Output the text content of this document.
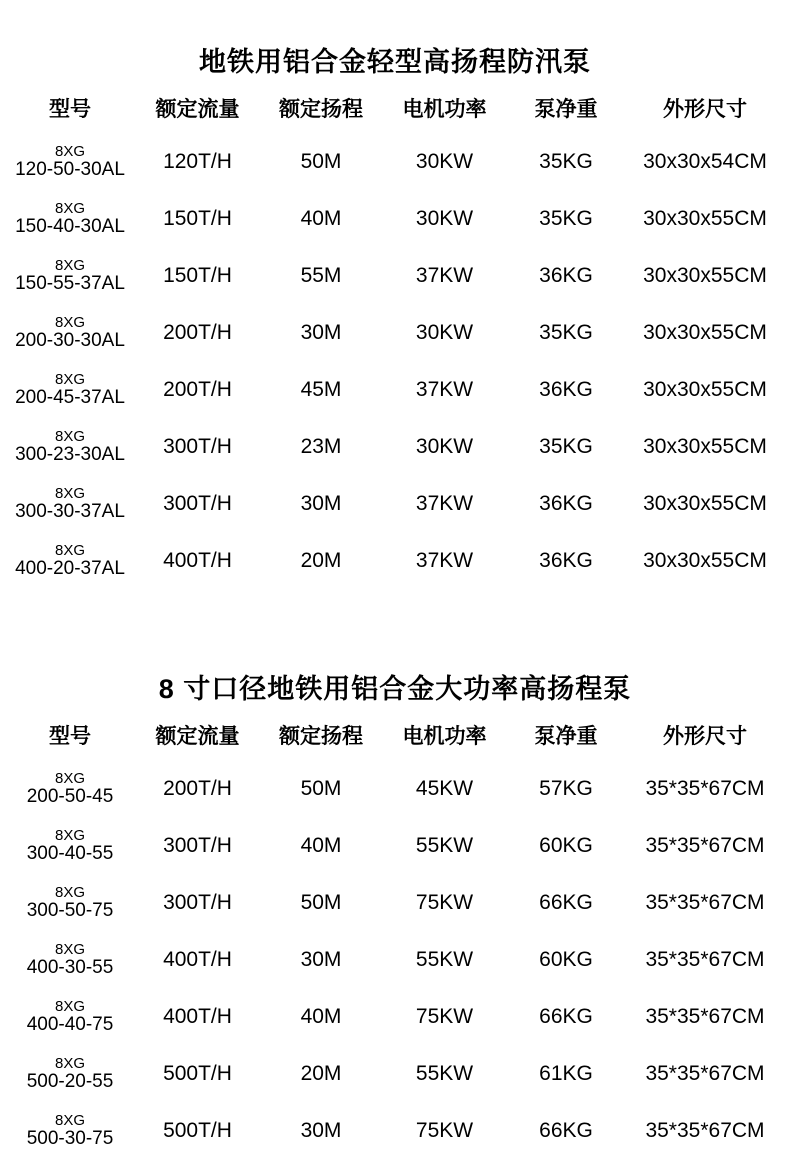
地铁用铝合金轻型高扬程防汛泵
型号	额定流量	额定扬程	电机功率	泵净重	外形尺寸

8XG
120-50-30AL	120T/H	50M	30KW	35KG	30x30x54CM

8XG
150-40-30AL	150T/H	40M	30KW	35KG	30x30x55CM

8XG
150-55-37AL	150T/H	55M	37KW	36KG	30x30x55CM

8XG
200-30-30AL	200T/H	30M	30KW	35KG	30x30x55CM

8XG
200-45-37AL	200T/H	45M	37KW	36KG	30x30x55CM

8XG
300-23-30AL	300T/H	23M	30KW	35KG	30x30x55CM

8XG
300-30-37AL	300T/H	30M	37KW	36KG	30x30x55CM

8XG
400-20-37AL	400T/H	20M	37KW	36KG	30x30x55CM
8 寸口径地铁用铝合金大功率高扬程泵
型号	额定流量	额定扬程	电机功率	泵净重	外形尺寸

8XG
200-50-45	200T/H	50M	45KW	57KG	35*35*67CM

8XG
300-40-55	300T/H	40M	55KW	60KG	35*35*67CM

8XG
300-50-75	300T/H	50M	75KW	66KG	35*35*67CM

8XG
400-30-55	400T/H	30M	55KW	60KG	35*35*67CM

8XG
400-40-75	400T/H	40M	75KW	66KG	35*35*67CM

8XG
500-20-55	500T/H	20M	55KW	61KG	35*35*67CM

8XG
500-30-75	500T/H	30M	75KW	66KG	35*35*67CM
